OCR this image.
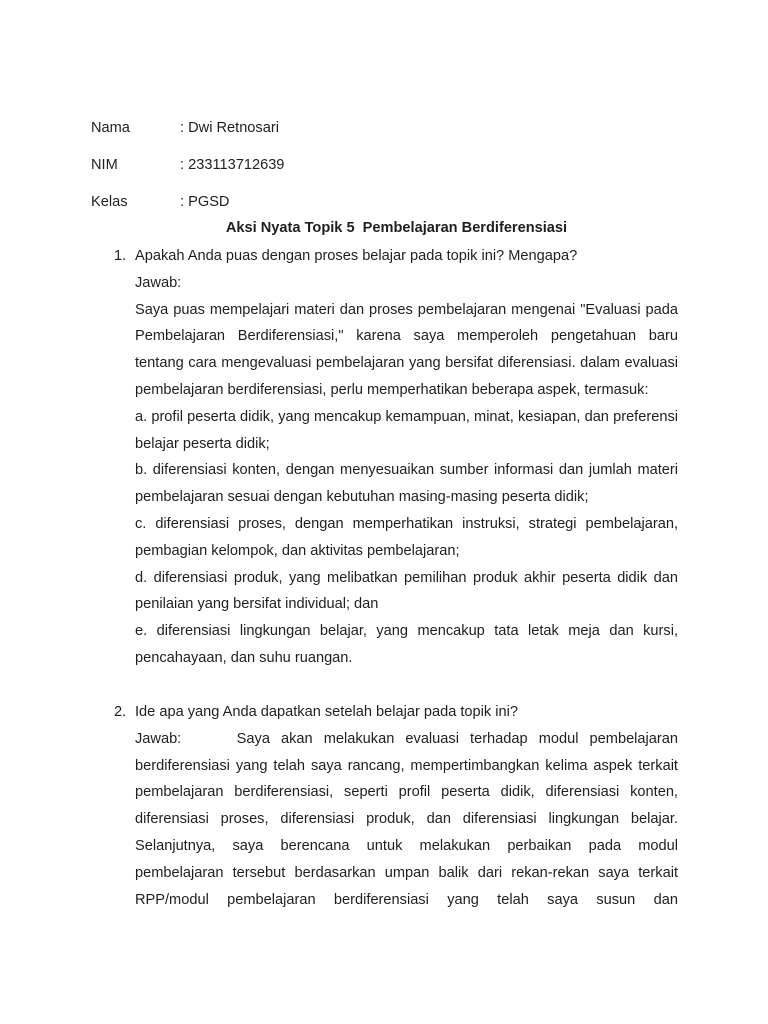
Nama	: Dwi Retnosari
NIM	: 233113712639
Kelas	: PGSD
Aksi Nyata Topik 5  Pembelajaran Berdiferensiasi
1. Apakah Anda puas dengan proses belajar pada topik ini? Mengapa?

Jawab:

Saya puas mempelajari materi dan proses pembelajaran mengenai "Evaluasi pada Pembelajaran Berdiferensiasi," karena saya memperoleh pengetahuan baru tentang cara mengevaluasi pembelajaran yang bersifat diferensiasi. dalam evaluasi pembelajaran berdiferensiasi, perlu memperhatikan beberapa aspek, termasuk:

a. profil peserta didik, yang mencakup kemampuan, minat, kesiapan, dan preferensi belajar peserta didik;

b. diferensiasi konten, dengan menyesuaikan sumber informasi dan jumlah materi pembelajaran sesuai dengan kebutuhan masing-masing peserta didik;

c. diferensiasi proses, dengan memperhatikan instruksi, strategi pembelajaran, pembagian kelompok, dan aktivitas pembelajaran;

d. diferensiasi produk, yang melibatkan pemilihan produk akhir peserta didik dan penilaian yang bersifat individual; dan

e. diferensiasi lingkungan belajar, yang mencakup tata letak meja dan kursi, pencahayaan, dan suhu ruangan.

2. Ide apa yang Anda dapatkan setelah belajar pada topik ini?

Jawab:	Saya akan melakukan evaluasi terhadap modul pembelajaran berdiferensiasi yang telah saya rancang, mempertimbangkan kelima aspek terkait pembelajaran berdiferensiasi, seperti profil peserta didik, diferensiasi konten, diferensiasi proses, diferensiasi produk, dan diferensiasi lingkungan belajar. Selanjutnya, saya berencana untuk melakukan perbaikan pada modul pembelajaran tersebut berdasarkan umpan balik dari rekan-rekan saya terkait RPP/modul pembelajaran berdiferensiasi yang telah saya susun dan
